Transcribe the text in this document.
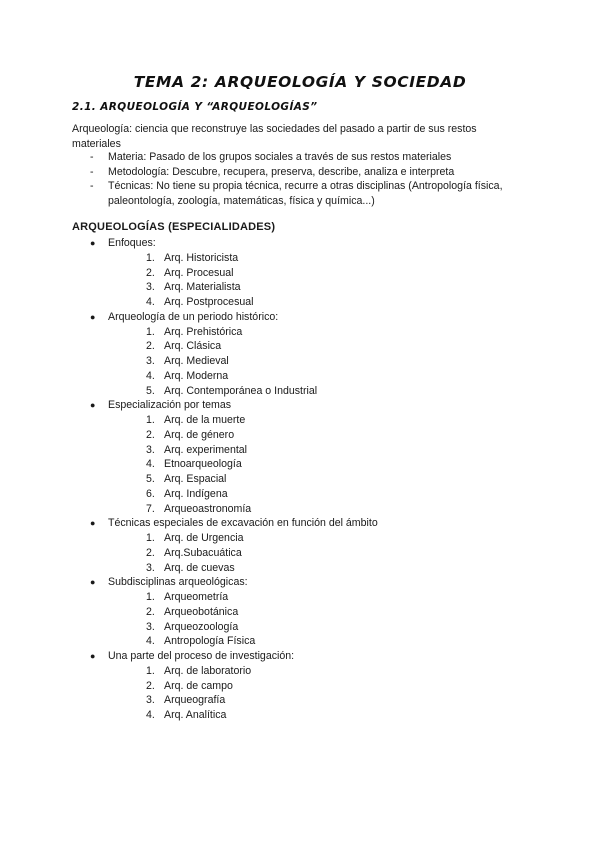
TEMA 2: ARQUEOLOGÍA Y SOCIEDAD
2.1. ARQUEOLOGÍA Y “ARQUEOLOGÍAS”
Arqueología: ciencia que reconstruye las sociedades del pasado a partir de sus restos materiales
- Materia: Pasado de los grupos sociales a través de sus restos materiales
- Metodología: Descubre, recupera, preserva, describe, analiza e interpreta
- Técnicas: No tiene su propia técnica, recurre a otras disciplinas (Antropología física, paleontología, zoología, matemáticas, física y química...)
ARQUEOLOGÍAS (ESPECIALIDADES)
● Enfoques:
1. Arq. Historicista
2. Arq. Procesual
3. Arq. Materialista
4. Arq. Postprocesual
● Arqueología de un periodo histórico:
1. Arq. Prehistórica
2. Arq. Clásica
3. Arq. Medieval
4. Arq. Moderna
5. Arq. Contemporánea o Industrial
● Especialización por temas
1. Arq. de la muerte
2. Arq. de género
3. Arq. experimental
4. Etnoarqueología
5. Arq. Espacial
6. Arq. Indígena
7. Arqueoastronomía
● Técnicas especiales de excavación en función del ámbito
1. Arq. de Urgencia
2. Arq.Subacuática
3. Arq. de cuevas
● Subdisciplinas arqueológicas:
1. Arqueometría
2. Arqueobotánica
3. Arqueozoología
4. Antropología Física
● Una parte del proceso de investigación:
1. Arq. de laboratorio
2. Arq. de campo
3. Arqueografía
4. Arq. Analítica
